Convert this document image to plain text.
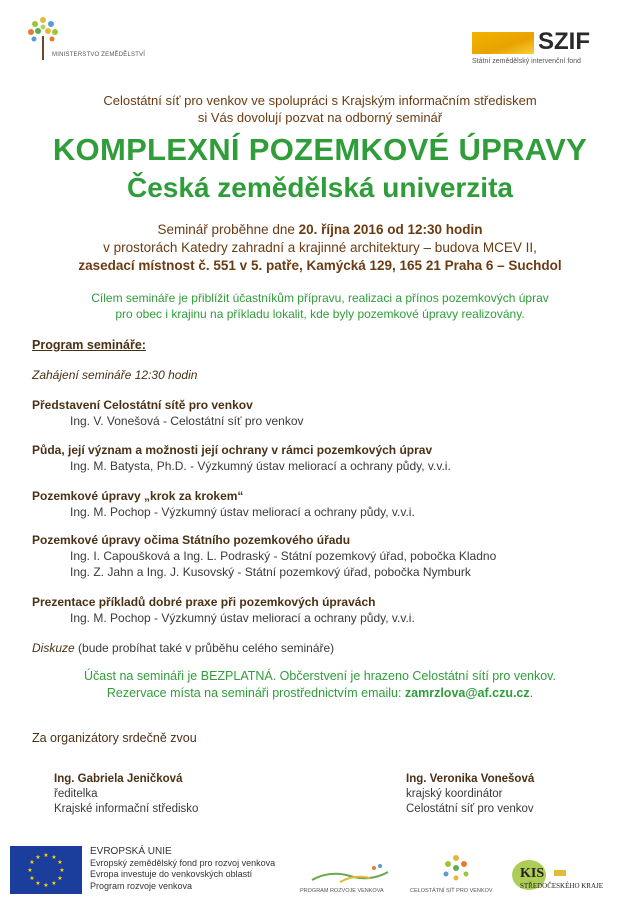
MINISTERSTVO ZEMĚDĚLSTVÍ	SZIF
Státní zemědělský intervenční fond
Celostátní síť pro venkov ve spolupráci s Krajským informačním střediskem
si Vás dovolují pozvat na odborný seminář
KOMPLEXNÍ POZEMKOVÉ ÚPRAVY
Česká zemědělská univerzita
Seminář proběhne dne 20. října 2016 od 12:30 hodin
v prostorách Katedry zahradní a krajinné architektury – budova MCEV II,
zasedací místnost č. 551 v 5. patře, Kamýcká 129, 165 21 Praha 6 – Suchdol
Cílem semináře je přiblížit účastníkům přípravu, realizaci a přínos pozemkových úprav
pro obec i krajinu na příkladu lokalit, kde byly pozemkové úpravy realizovány.
Program semináře:
Zahájení semináře 12:30 hodin
Představení Celostátní sítě pro venkov
Ing. V. Vonešová - Celostátní síť pro venkov
Půda, její význam a možnosti její ochrany v rámci pozemkových úprav
Ing. M. Batysta, Ph.D. - Výzkumný ústav meliorací a ochrany půdy, v.v.i.
Pozemkové úpravy „krok za krokem“
Ing. M. Pochop - Výzkumný ústav meliorací a ochrany půdy, v.v.i.
Pozemkové úpravy očima Státního pozemkového úřadu
Ing. I. Capoušková a Ing. L. Podraský - Státní pozemkový úřad, pobočka Kladno
Ing. Z. Jahn a Ing. J. Kusovský - Státní pozemkový úřad, pobočka Nymburk
Prezentace příkladů dobré praxe při pozemkových úpravách
Ing. M. Pochop - Výzkumný ústav meliorací a ochrany půdy, v.v.i.
Diskuze (bude probíhat také v průběhu celého semináře)
Účast na semináři je BEZPLATNÁ. Občerstvení je hrazeno Celostátní sítí pro venkov.
Rezervace místa na semináři prostřednictvím emailu: zamrzlova@af.czu.cz.
Za organizátory srdečně zvou
Ing. Gabriela Jeničková
ředitelka
Krajské informační středisko
Ing. Veronika Vonešová
krajský koordinátor
Celostátní síť pro venkov
★ ★
★
★
★
★
★
★
★
★
★
★
EVROPSKÁ UNIE
Evropský zemědělský fond pro rozvoj venkova
Evropa investuje do venkovských oblastí
Program rozvoje venkova
PROGRAM ROZVOJE VENKOVA	CELOSTÁTNÍ SÍŤ PRO VENKOV
KIS
STŘEDOČESKÉHO KRAJE
